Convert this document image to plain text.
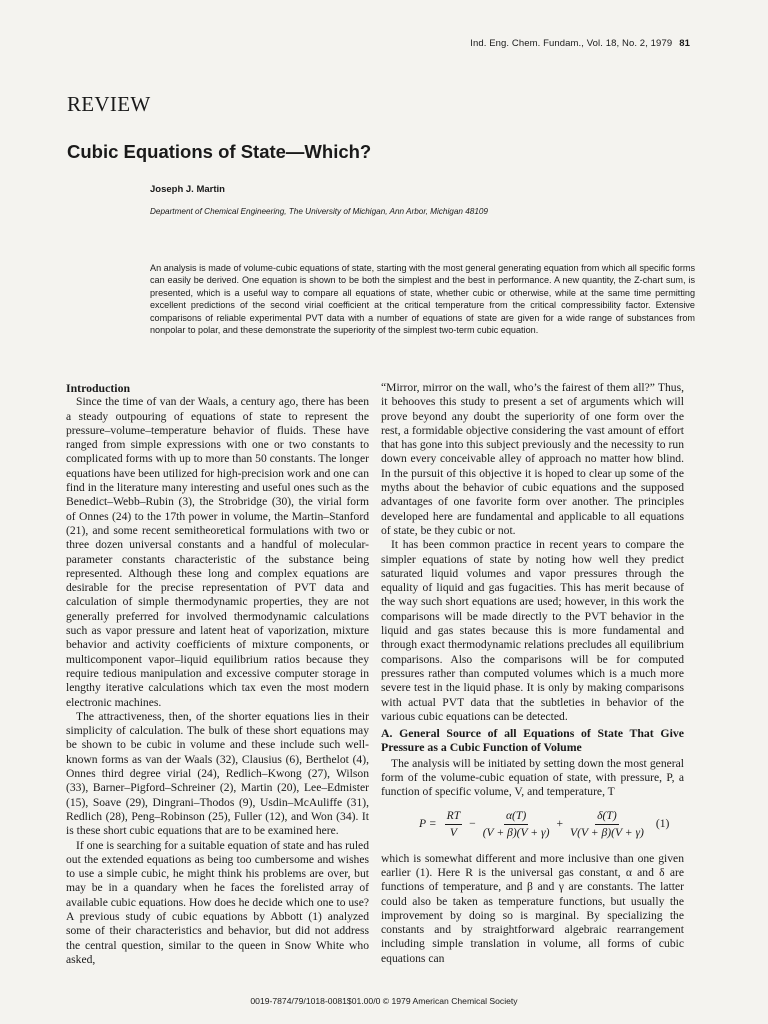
Ind. Eng. Chem. Fundam., Vol. 18, No. 2, 1979 81
REVIEW
Cubic Equations of State—Which?
Joseph J. Martin
Department of Chemical Engineering, The University of Michigan, Ann Arbor, Michigan 48109
An analysis is made of volume-cubic equations of state, starting with the most general generating equation from which all specific forms can easily be derived. One equation is shown to be both the simplest and the best in performance. A new quantity, the Z-chart sum, is presented, which is a useful way to compare all equations of state, whether cubic or otherwise, while at the same time permitting excellent predictions of the second virial coefficient at the critical temperature from the critical compressibility factor. Extensive comparisons of reliable experimental PVT data with a number of equations of state are given for a wide range of substances from nonpolar to polar, and these demonstrate the superiority of the simplest two-term cubic equation.
Introduction

Since the time of van der Waals, a century ago, there has been a steady outpouring of equations of state to represent the pressure–volume–temperature behavior of fluids. These have ranged from simple expressions with one or two constants to complicated forms with up to more than 50 constants. The longer equations have been utilized for high-precision work and one can find in the literature many interesting and useful ones such as the Benedict–Webb–Rubin (3), the Strobridge (30), the virial form of Onnes (24) to the 17th power in volume, the Martin–Stanford (21), and some recent semitheoretical formulations with two or three dozen universal constants and a handful of molecular-parameter constants characteristic of the substance being represented. Although these long and complex equations are desirable for the precise representation of PVT data and calculation of simple thermodynamic properties, they are not generally preferred for involved thermodynamic calculations such as vapor pressure and latent heat of vaporization, mixture behavior and activity coefficients of mixture components, or multicomponent vapor–liquid equilibrium ratios because they require tedious manipulation and excessive computer storage in lengthy iterative calculations which tax even the most modern electronic machines.

The attractiveness, then, of the shorter equations lies in their simplicity of calculation. The bulk of these short equations may be shown to be cubic in volume and these include such well-known forms as van der Waals (32), Clausius (6), Berthelot (4), Onnes third degree virial (24), Redlich–Kwong (27), Wilson (33), Barner–Pigford–Schreiner (2), Martin (20), Lee–Edmister (15), Soave (29), Dingrani–Thodos (9), Usdin–McAuliffe (31), Redlich (28), Peng–Robinson (25), Fuller (12), and Won (34). It is these short cubic equations that are to be examined here.

If one is searching for a suitable equation of state and has ruled out the extended equations as being too cumbersome and wishes to use a simple cubic, he might think his problems are over, but may be in a quandary when he faces the forelisted array of available cubic equations. How does he decide which one to use? A previous study of cubic equations by Abbott (1) analyzed some of their characteristics and behavior, but did not address the central question, similar to the queen in Snow White who asked,

“Mirror, mirror on the wall, who’s the fairest of them all?” Thus, it behooves this study to present a set of arguments which will prove beyond any doubt the superiority of one form over the rest, a formidable objective considering the vast amount of effort that has gone into this subject previously and the necessity to run down every conceivable alley of approach no matter how blind. In the pursuit of this objective it is hoped to clear up some of the myths about the behavior of cubic equations and the supposed advantages of one favorite form over another. The principles developed here are fundamental and applicable to all equations of state, be they cubic or not.

It has been common practice in recent years to compare the simpler equations of state by noting how well they predict saturated liquid volumes and vapor pressures through the equality of liquid and gas fugacities. This has merit because of the way such short equations are used; however, in this work the comparisons will be made directly to the PVT behavior in the liquid and gas states because this is more fundamental and through exact thermodynamic relations precludes all equilibrium comparisons. Also the comparisons will be for computed pressures rather than computed volumes which is a much more severe test in the liquid phase. It is only by making comparisons with actual PVT data that the subtleties in behavior of the various cubic equations can be detected.

A. General Source of all Equations of State That Give Pressure as a Cubic Function of Volume

The analysis will be initiated by setting down the most general form of the volume-cubic equation of state, with pressure, P, a function of specific volume, V, and temperature, T

$P = \frac{RT}{V} - \frac{\alpha(T)}{(V + \beta)(V + \gamma)} + \frac{\delta(T)}{V(V + \beta)(V + \gamma)} (1)$

which is somewhat different and more inclusive than one given earlier (1). Here R is the universal gas constant, α and δ are functions of temperature, and β and γ are constants. The latter could also be taken as temperature functions, but usually the improvement by doing so is marginal. By specializing the constants and by straightforward algebraic rearrangement including simple translation in volume, all forms of cubic equations can

0019-7874/79/1018-0081$01.00/0 © 1979 American Chemical Society
